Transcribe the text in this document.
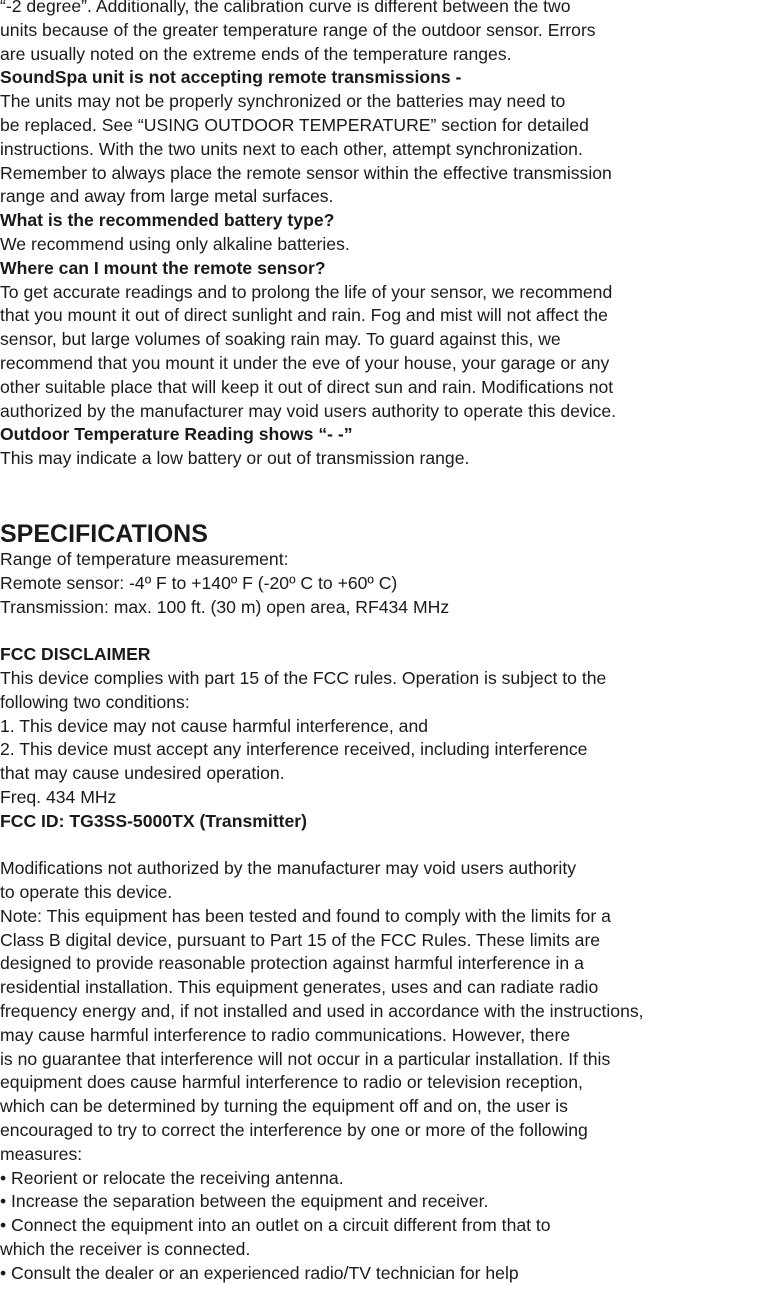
“-2 degree”. Additionally, the calibration curve is different between the two
units because of the greater temperature range of the outdoor sensor. Errors
are usually noted on the extreme ends of the temperature ranges.
SoundSpa unit is not accepting remote transmissions -
The units may not be properly synchronized or the batteries may need to
be replaced. See “USING OUTDOOR TEMPERATURE” section for detailed
instructions. With the two units next to each other, attempt synchronization.
Remember to always place the remote sensor within the effective transmission
range and away from large metal surfaces.
What is the recommended battery type?
We recommend using only alkaline batteries.
Where can I mount the remote sensor?
To get accurate readings and to prolong the life of your sensor, we recommend
that you mount it out of direct sunlight and rain. Fog and mist will not affect the
sensor, but large volumes of soaking rain may. To guard against this, we
recommend that you mount it under the eve of your house, your garage or any
other suitable place that will keep it out of direct sun and rain. Modifications not
authorized by the manufacturer may void users authority to operate this device.
Outdoor Temperature Reading shows “- -”
This may indicate a low battery or out of transmission range.
SPECIFICATIONS
Range of temperature measurement:
Remote sensor: -4º F to +140º F (-20º C to +60º C)
Transmission: max. 100 ft. (30 m) open area, RF434 MHz
FCC DISCLAIMER
This device complies with part 15 of the FCC rules. Operation is subject to the
following two conditions:
1. This device may not cause harmful interference, and
2. This device must accept any interference received, including interference
that may cause undesired operation.
Freq. 434 MHz
FCC ID: TG3SS-5000TX (Transmitter)
Modifications not authorized by the manufacturer may void users authority
to operate this device.
Note: This equipment has been tested and found to comply with the limits for a
Class B digital device, pursuant to Part 15 of the FCC Rules. These limits are
designed to provide reasonable protection against harmful interference in a
residential installation. This equipment generates, uses and can radiate radio
frequency energy and, if not installed and used in accordance with the instructions,
may cause harmful interference to radio communications. However, there
is no guarantee that interference will not occur in a particular installation. If this
equipment does cause harmful interference to radio or television reception,
which can be determined by turning the equipment off and on, the user is
encouraged to try to correct the interference by one or more of the following
measures:
• Reorient or relocate the receiving antenna.
• Increase the separation between the equipment and receiver.
• Connect the equipment into an outlet on a circuit different from that to
which the receiver is connected.
• Consult the dealer or an experienced radio/TV technician for help
